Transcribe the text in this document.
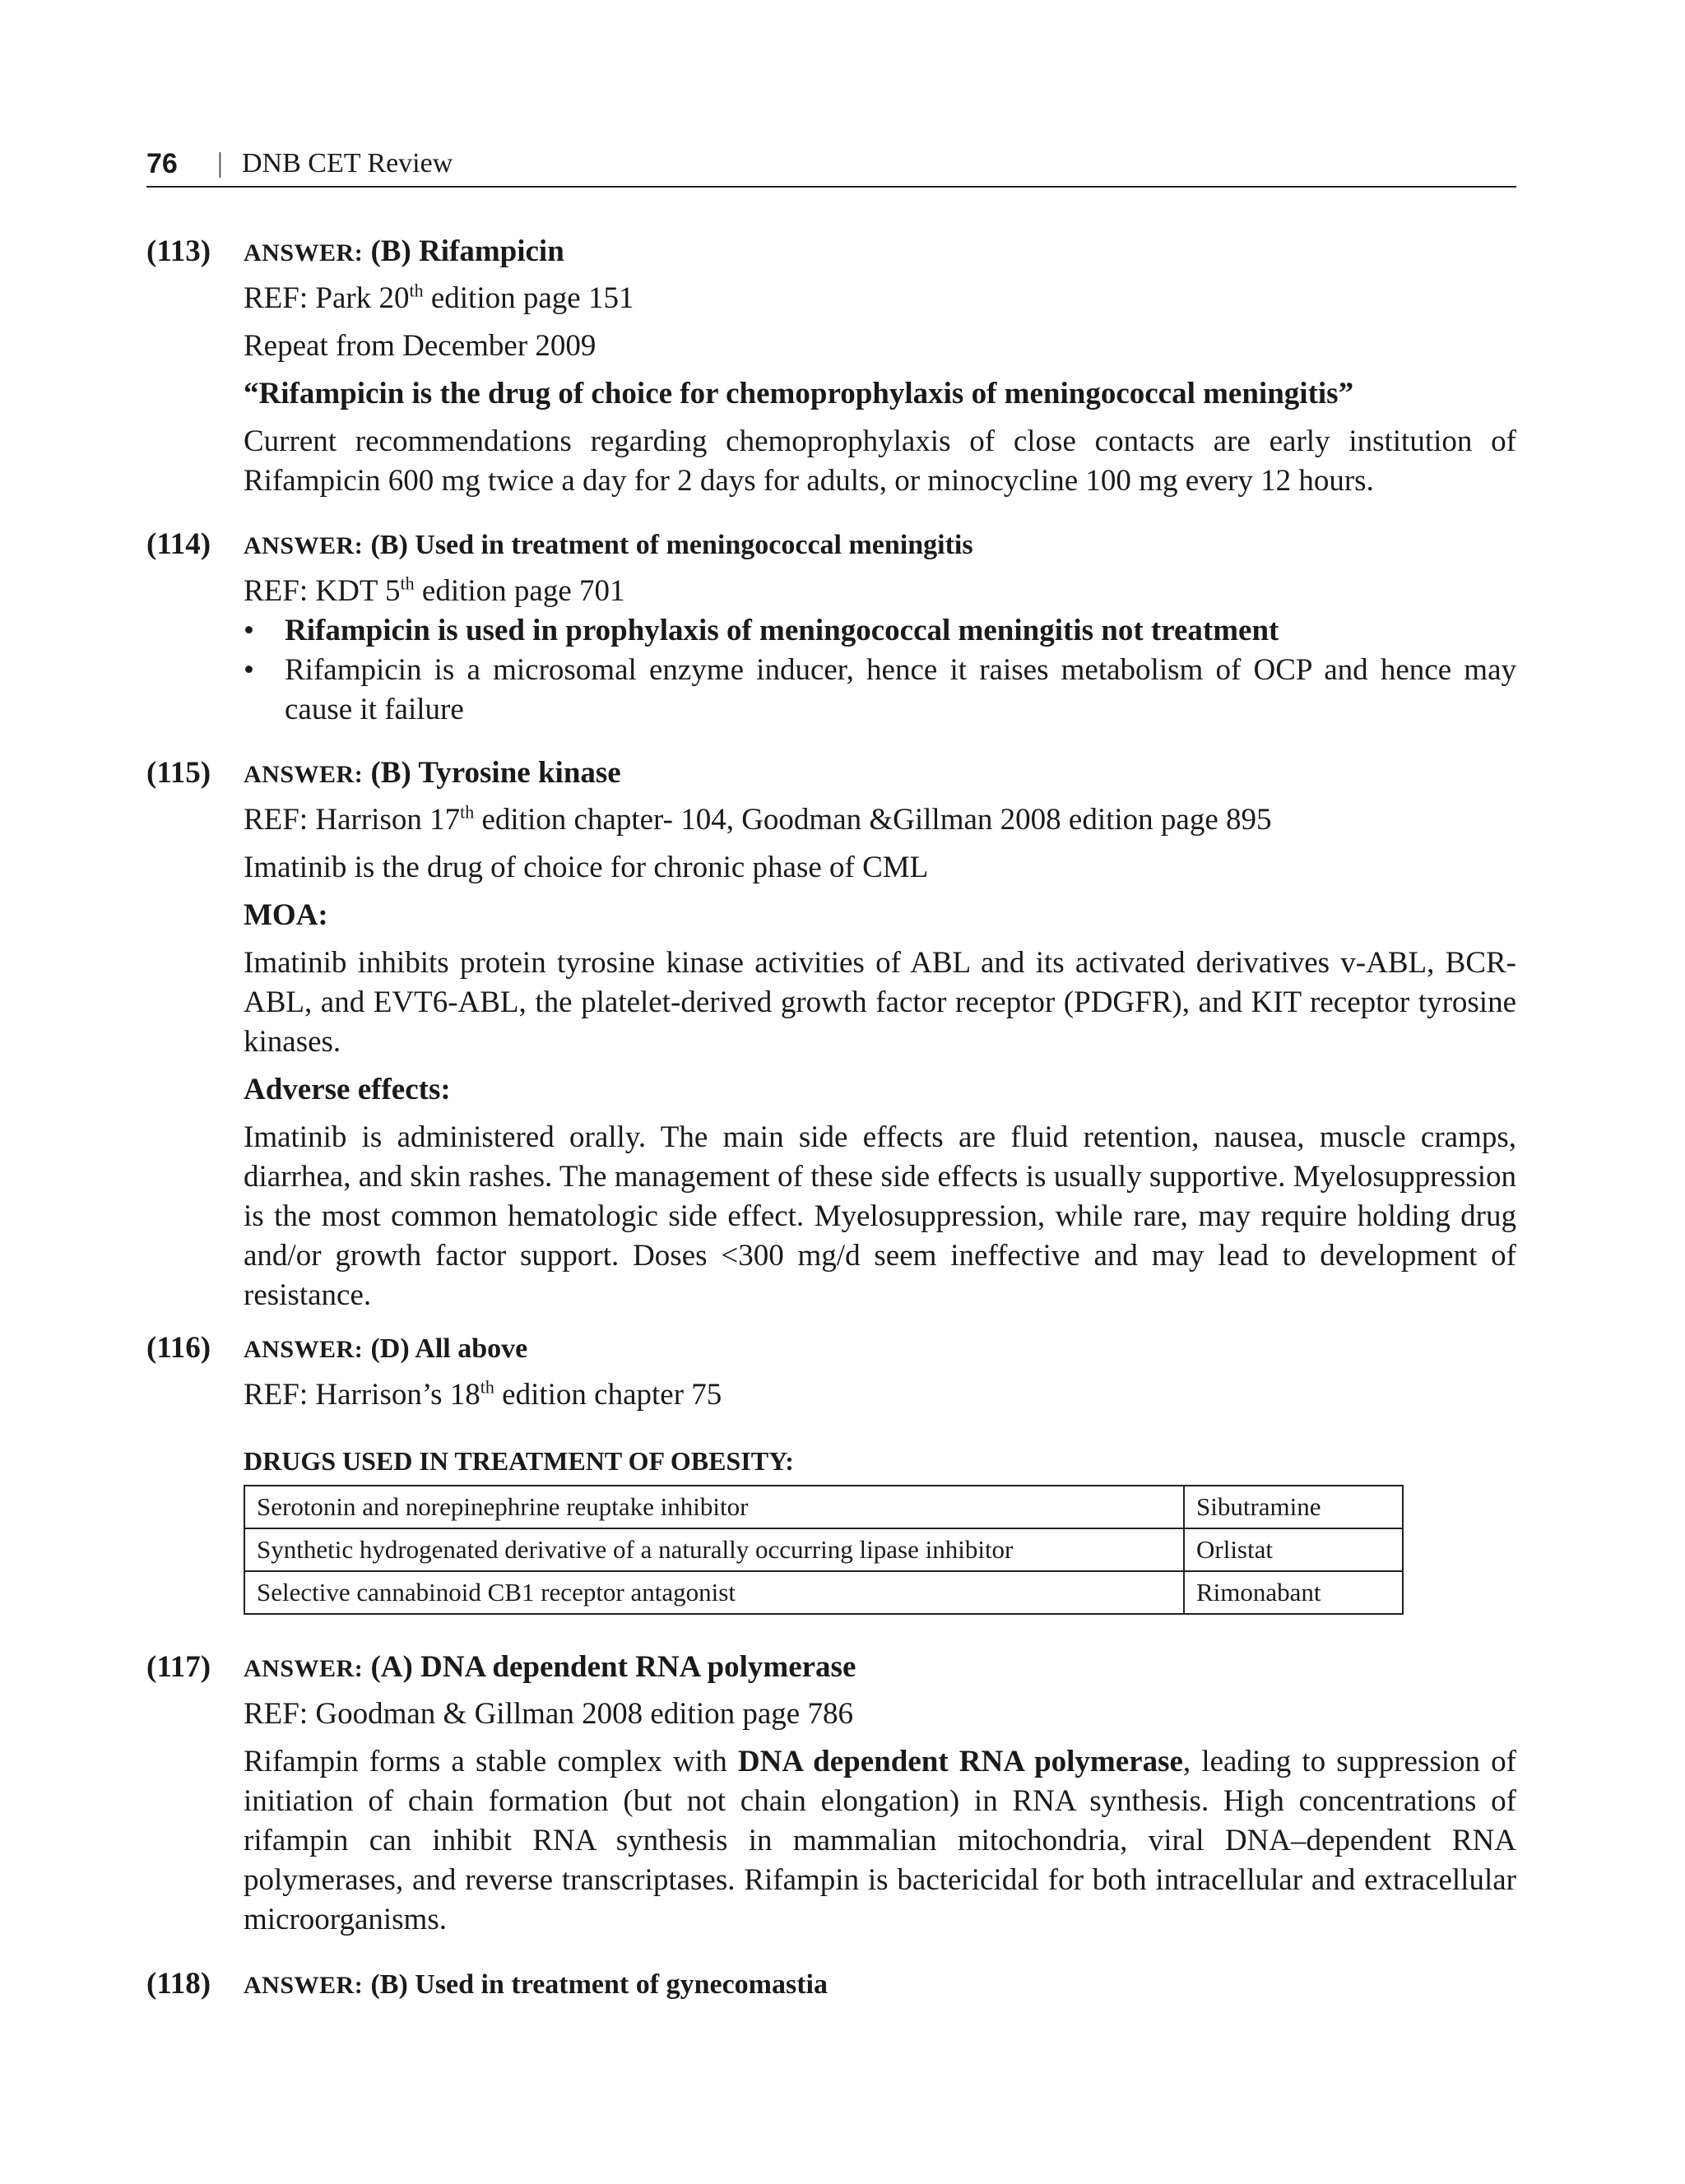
76 | DNB CET Review
(113) ANSWER: (B) Rifampicin

REF: Park 20th edition page 151

Repeat from December 2009

“Rifampicin is the drug of choice for chemoprophylaxis of meningococcal meningitis”

Current recommendations regarding chemoprophylaxis of close contacts are early institution of Rifampicin 600 mg twice a day for 2 days for adults, or minocycline 100 mg every 12 hours.

(114) ANSWER: (B) Used in treatment of meningococcal meningitis

REF: KDT 5th edition page 701

• Rifampicin is used in prophylaxis of meningococcal meningitis not treatment
• Rifampicin is a microsomal enzyme inducer, hence it raises metabolism of OCP and hence may cause it failure
(115) ANSWER: (B) Tyrosine kinase

REF: Harrison 17th edition chapter- 104, Goodman &Gillman 2008 edition page 895

Imatinib is the drug of choice for chronic phase of CML

MOA:

Imatinib inhibits protein tyrosine kinase activities of ABL and its activated derivatives v-ABL, BCR-ABL, and EVT6-ABL, the platelet-derived growth factor receptor (PDGFR), and KIT receptor tyrosine kinases.

Adverse effects:

Imatinib is administered orally. The main side effects are fluid retention, nausea, muscle cramps, diarrhea, and skin rashes. The management of these side effects is usually supportive. Myelosuppression is the most common hematologic side effect. Myelosuppression, while rare, may require holding drug and/or growth factor support. Doses <300 mg/d seem ineffective and may lead to development of resistance.

(116) ANSWER: (D) All above

REF: Harrison’s 18th edition chapter 75

DRUGS USED IN TREATMENT OF OBESITY:

Serotonin and norepinephrine reuptake inhibitor	Sibutramine
Synthetic hydrogenated derivative of a naturally occurring lipase inhibitor	Orlistat
Selective cannabinoid CB1 receptor antagonist	Rimonabant
(117) ANSWER: (A) DNA dependent RNA polymerase

REF: Goodman & Gillman 2008 edition page 786

Rifampin forms a stable complex with DNA dependent RNA polymerase, leading to suppression of initiation of chain formation (but not chain elongation) in RNA synthesis. High concentrations of rifampin can inhibit RNA synthesis in mammalian mitochondria, viral DNA–dependent RNA polymerases, and reverse transcriptases. Rifampin is bactericidal for both intracellular and extracellular microorganisms.

(118) ANSWER: (B) Used in treatment of gynecomastia
